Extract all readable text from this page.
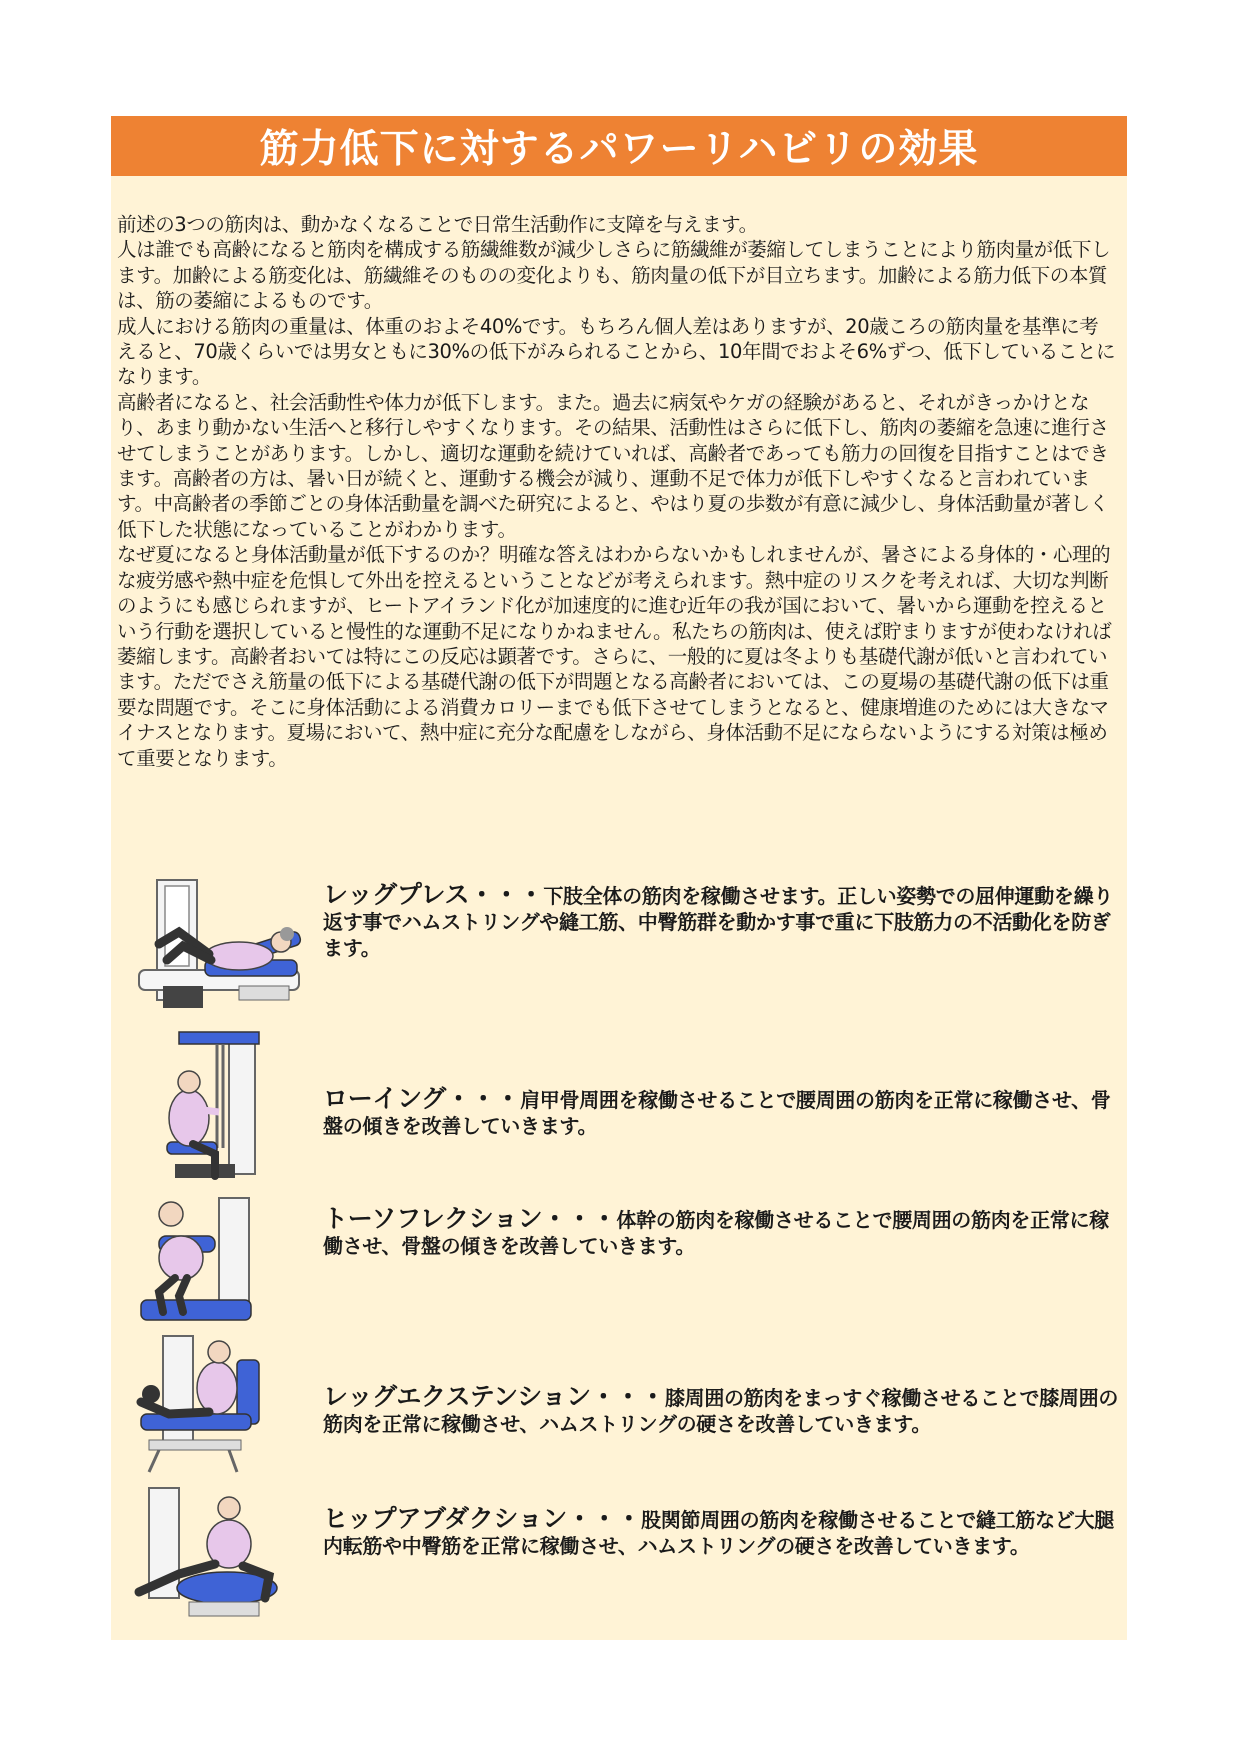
筋力低下に対するパワーリハビリの効果

前述の3つの筋肉は、動かなくなることで日常生活動作に支障を与えます。

人は誰でも高齢になると筋肉を構成する筋繊維数が減少しさらに筋繊維が萎縮してしまうことにより筋肉量が低下します。加齢による筋変化は、筋繊維そのものの変化よりも、筋肉量の低下が目立ちます。加齢による筋力低下の本質は、筋の萎縮によるものです。

成人における筋肉の重量は、体重のおよそ40%です。もちろん個人差はありますが、20歳ころの筋肉量を基準に考えると、70歳くらいでは男女ともに30%の低下がみられることから、10年間でおよそ6%ずつ、低下していることになります。

高齢者になると、社会活動性や体力が低下します。また。過去に病気やケガの経験があると、それがきっかけとなり、あまり動かない生活へと移行しやすくなります。その結果、活動性はさらに低下し、筋肉の萎縮を急速に進行させてしまうことがあります。しかし、適切な運動を続けていれば、高齢者であっても筋力の回復を目指すことはできます。高齢者の方は、暑い日が続くと、運動する機会が減り、運動不足で体力が低下しやすくなると言われています。中高齢者の季節ごとの身体活動量を調べた研究によると、やはり夏の歩数が有意に減少し、身体活動量が著しく低下した状態になっていることがわかります。

なぜ夏になると身体活動量が低下するのか？明確な答えはわからないかもしれませんが、暑さによる身体的・心理的な疲労感や熱中症を危惧して外出を控えるということなどが考えられます。熱中症のリスクを考えれば、大切な判断のようにも感じられますが、ヒートアイランド化が加速度的に進む近年の我が国において、暑いから運動を控えるという行動を選択していると慢性的な運動不足になりかねません。私たちの筋肉は、使えば貯まりますが使わなければ萎縮します。高齢者おいては特にこの反応は顕著です。さらに、一般的に夏は冬よりも基礎代謝が低いと言われています。ただでさえ筋量の低下による基礎代謝の低下が問題となる高齢者においては、この夏場の基礎代謝の低下は重要な問題です。そこに身体活動による消費カロリーまでも低下させてしまうとなると、健康増進のためには大きなマイナスとなります。夏場において、熱中症に充分な配慮をしながら、身体活動不足にならないようにする対策は極めて重要となります。

レッグプレス・・・下肢全体の筋肉を稼働させます。正しい姿勢での屈伸運動を繰り返す事でハムストリングや縫工筋、中臀筋群を動かす事で重に下肢筋力の不活動化を防ぎます。
ローイング・・・肩甲骨周囲を稼働させることで腰周囲の筋肉を正常に稼働させ、骨盤の傾きを改善していきます。
トーソフレクション・・・体幹の筋肉を稼働させることで腰周囲の筋肉を正常に稼働させ、骨盤の傾きを改善していきます。
レッグエクステンション・・・膝周囲の筋肉をまっすぐ稼働させることで膝周囲の筋肉を正常に稼働させ、ハムストリングの硬さを改善していきます。
ヒップアブダクション・・・股関節周囲の筋肉を稼働させることで縫工筋など大腿内転筋や中臀筋を正常に稼働させ、ハムストリングの硬さを改善していきます。
